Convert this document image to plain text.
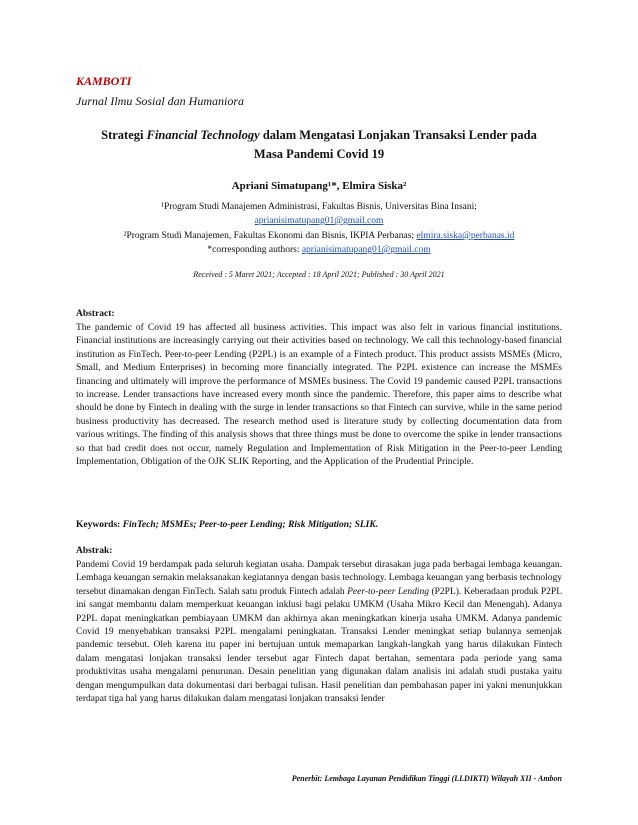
KAMBOTI
Jurnal Ilmu Sosial dan Humaniora
Strategi Financial Technology dalam Mengatasi Lonjakan Transaksi Lender pada
Masa Pandemi Covid 19
Apriani Simatupang¹*, Elmira Siska²
¹Program Studi Manajemen Administrasi, Fakultas Bisnis, Universitas Bina Insani;
aprianisimatupang01@gmail.com
²Program Studi Manajemen, Fakultas Ekonomi dan Bisnis, IKPIA Perbanas; elmira.siska@perbanas.id
*corresponding authors: aprianisimatupang01@gmail.com
Received : 5 Maret 2021; Accepted : 18 April 2021; Published : 30 April 2021
Abstract:

The pandemic of Covid 19 has affected all business activities. This impact was also felt in various financial institutions. Financial institutions are increasingly carrying out their activities based on technology. We call this technology-based financial institution as FinTech. Peer-to-peer Lending (P2PL) is an example of a Fintech product. This product assists MSMEs (Micro, Small, and Medium Enterprises) in becoming more financially integrated. The P2PL existence can increase the MSMEs financing and ultimately will improve the performance of MSMEs business. The Covid 19 pandemic caused P2PL transactions to increase. Lender transactions have increased every month since the pandemic. Therefore, this paper aims to describe what should be done by Fintech in dealing with the surge in lender transactions so that Fintech can survive, while in the same period business productivity has decreased. The research method used is literature study by collecting documentation data from various writings. The finding of this analysis shows that three things must be done to overcome the spike in lender transactions so that bad credit does not occur, namely Regulation and Implementation of Risk Mitigation in the Peer-to-peer Lending Implementation, Obligation of the OJK SLIK Reporting, and the Application of the Prudential Principle.

Keywords: FinTech; MSMEs; Peer-to-peer Lending; Risk Mitigation; SLIK.
Abstrak:

Pandemi Covid 19 berdampak pada seluruh kegiatan usaha. Dampak tersebut dirasakan juga pada berbagai lembaga keuangan. Lembaga keuangan semakin melaksanakan kegiatannya dengan basis technology. Lembaga keuangan yang berbasis technology tersebut dinamakan dengan FinTech. Salah satu produk Fintech adalah Peer-to-peer Lending (P2PL). Keberadaan produk P2PL ini sangat membantu dalam memperkuat keuangan inklusi bagi pelaku UMKM (Usaha Mikro Kecil dan Menengah). Adanya P2PL dapat meningkatkan pembiayaan UMKM dan akhirnya akan meningkatkan kinerja usaha UMKM. Adanya pandemic Covid 19 menyebabkan transaksi P2PL mengalami peningkatan. Transaksi Lender meningkat setiap bulannya semenjak pandemic tersebut. Oleh karena itu paper ini bertujuan untuk memaparkan langkah-langkah yang harus dilakukan Fintech dalam mengatasi lonjakan transaksi lender tersebut agar Fintech dapat bertahan, sementara pada periode yang sama produktivitas usaha mengalami penurunan. Desain penelitian yang digunakan dalam analisis ini adalah studi pustaka yaitu dengan mengumpulkan data dokumentasi dari berbagai tulisan. Hasil penelitian dan pembahasan paper ini yakni menunjukkan terdapat tiga hal yang harus dilakukan dalam mengatasi lonjakan transaksi lender

Penerbit: Lembaga Layanan Pendidikan Tinggi (LLDIKTI) Wilayah XII - Ambon
